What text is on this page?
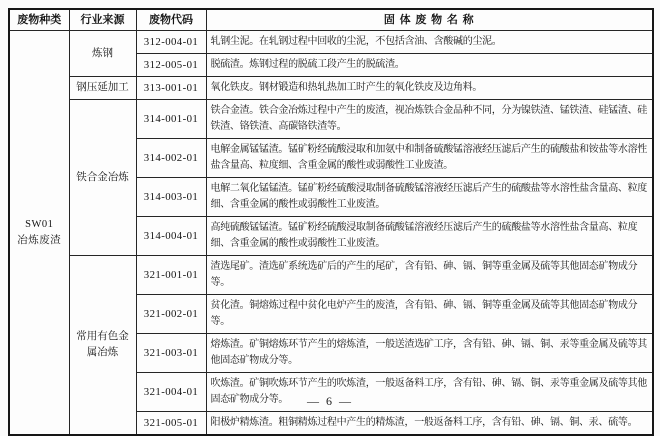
废物种类	行业来源	废物代码	固 体 废 物 名 称

SW01
冶炼废渣	炼钢	312-004-01	轧钢尘泥。在轧钢过程中回收的尘泥，不包括含油、含酸碱的尘泥。
		312-005-01	脱硫渣。炼钢过程的脱硫工段产生的脱硫渣。
	钢压延加工	313-001-01	氧化铁皮。钢材锻造和热轧热加工时产生的氧化铁皮及边角料。
	铁合金冶炼	314-001-01	铁合金渣。铁合金冶炼过程中产生的废渣，视冶炼铁合金品种不同，分为镍铁渣、锰铁渣、硅锰渣、硅铁渣、铬铁渣、高碳铬铁渣等。
		314-002-01	电解金属锰锰渣。锰矿粉经硫酸浸取和加氨中和制备硫酸锰溶液经压滤后产生的硫酸盐和铵盐等水溶性盐含量高、粒度细、含重金属的酸性或弱酸性工业废渣。
		314-003-01	电解二氧化锰锰渣。锰矿粉经硫酸浸取制备硫酸锰溶液经压滤后产生的硫酸盐等水溶性盐含量高、粒度细、含重金属的酸性或弱酸性工业废渣。
		314-004-01	高纯硫酸锰锰渣。锰矿粉经硫酸浸取制备硫酸锰溶液经压滤后产生的硫酸盐等水溶性盐含量高、粒度细、含重金属的酸性或弱酸性工业废渣。
	常用有色金属冶炼	321-001-01	渣选尾矿。渣选矿系统选矿后的产生的尾矿，含有铅、砷、镉、铜等重金属及硫等其他固态矿物成分等。
		321-002-01	贫化渣。铜熔炼过程中贫化电炉产生的废渣，含有铅、砷、镉、铜等重金属及硫等其他固态矿物成分等。
		321-003-01	熔炼渣。矿铜熔炼环节产生的熔炼渣，一般送渣选矿工序，含有铅、砷、镉、铜、汞等重金属及硫等其他固态矿物成分等。
		321-004-01	吹炼渣。矿铜吹炼环节产生的吹炼渣，一般返备料工序，含有铅、砷、镉、铜、汞等重金属及硫等其他固态矿物成分等。
		321-005-01	阳极炉精炼渣。粗铜精炼过程中产生的精炼渣，一般返备料工序，含有铅、砷、镉、铜、汞、硫等。
— 6 —
